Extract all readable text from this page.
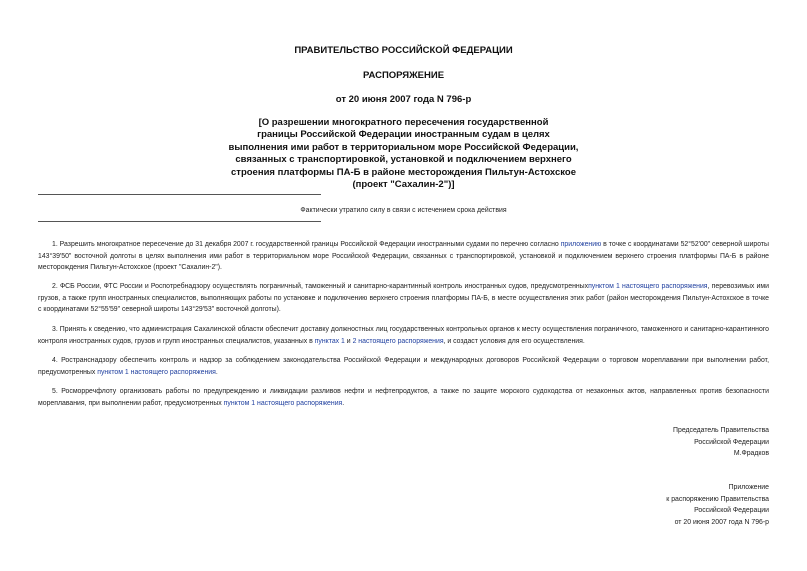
ПРАВИТЕЛЬСТВО РОССИЙСКОЙ ФЕДЕРАЦИИ
РАСПОРЯЖЕНИЕ
от 20 июня 2007 года N 796-р
[О разрешении многократного пересечения государственной
границы Российской Федерации иностранным судам в целях
выполнения ими работ в территориальном море Российской Федерации,
связанных с транспортировкой, установкой и подключением верхнего
строения платформы ПА-Б в районе месторождения Пильтун-Астохское
(проект "Сахалин-2")]
Фактически утратило силу в связи с истечением срока действия
1. Разрешить многократное пересечение до 31 декабря 2007 г. государственной границы Российской Федерации иностранными судами по перечню согласно приложению в точке с координатами 52°52'00" северной широты 143°39'50" восточной долготы в целях выполнения ими работ в территориальном море Российской Федерации, связанных с транспортировкой, установкой и подключением верхнего строения платформы ПА-Б в районе месторождения Пильтун-Астохское (проект "Сахалин-2").
2. ФСБ России, ФТС России и Роспотребнадзору осуществлять пограничный, таможенный и санитарно-карантинный контроль иностранных судов, предусмотренныхпунктом 1 настоящего распоряжения, перевозимых ими грузов, а также групп иностранных специалистов, выполняющих работы по установке и подключению верхнего строения платформы ПА-Б, в месте осуществления этих работ (район месторождения Пильтун-Астохское в точке с координатами 52°55'59" северной широты 143°29'53" восточной долготы).
3. Принять к сведению, что администрация Сахалинской области обеспечит доставку должностных лиц государственных контрольных органов к месту осуществления пограничного, таможенного и санитарно-карантинного контроля иностранных судов, грузов и групп иностранных специалистов, указанных в пунктах 1 и 2 настоящего распоряжения, и создаст условия для его осуществления.
4. Ространснадзору обеспечить контроль и надзор за соблюдением законодательства Российской Федерации и международных договоров Российской Федерации о торговом мореплавании при выполнении работ, предусмотренных пунктом 1 настоящего распоряжения.
5. Росморречфлоту организовать работы по предупреждению и ликвидации разливов нефти и нефтепродуктов, а также по защите морского судоходства от незаконных актов, направленных против безопасности мореплавания, при выполнении работ, предусмотренных пунктом 1 настоящего распоряжения.
Председатель Правительства
Российской Федерации
М.Фрадков
Приложение
к распоряжению Правительства
Российской Федерации
от 20 июня 2007 года N 796-р
